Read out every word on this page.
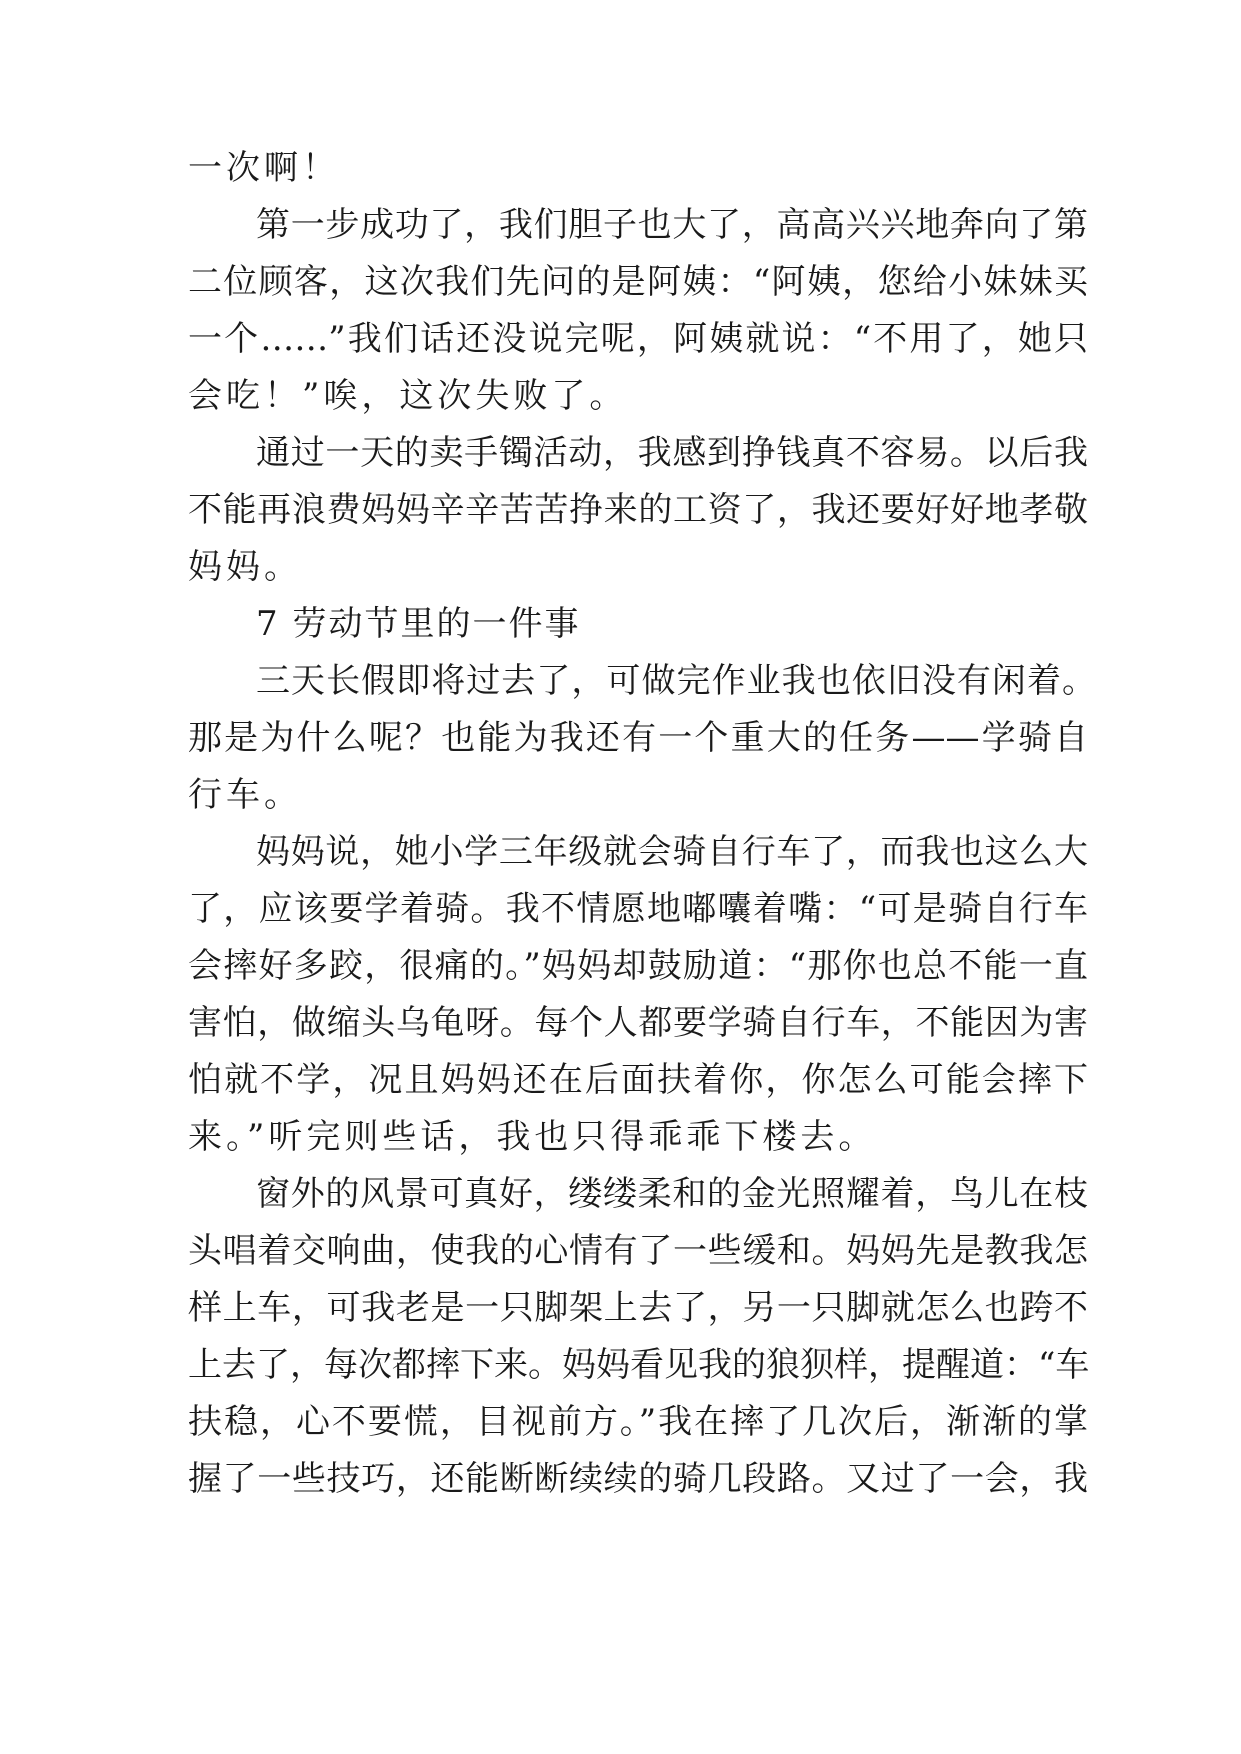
一次啊！
第一步成功了，我们胆子也大了，高高兴兴地奔向了第
二位顾客，这次我们先问的是阿姨：“阿姨，您给小妹妹买
一个……”我们话还没说完呢，阿姨就说：“不用了，她只
会吃！”唉，这次失败了。
通过一天的卖手镯活动，我感到挣钱真不容易。以后我
不能再浪费妈妈辛辛苦苦挣来的工资了，我还要好好地孝敬
妈妈。
7 劳动节里的一件事
三天长假即将过去了，可做完作业我也依旧没有闲着。
那是为什么呢？也能为我还有一个重大的任务——学骑自
行车。
妈妈说，她小学三年级就会骑自行车了，而我也这么大
了，应该要学着骑。我不情愿地嘟囔着嘴：“可是骑自行车
会摔好多跤，很痛的。”妈妈却鼓励道：“那你也总不能一直
害怕，做缩头乌龟呀。每个人都要学骑自行车，不能因为害
怕就不学，况且妈妈还在后面扶着你，你怎么可能会摔下
来。”听完则些话，我也只得乖乖下楼去。
窗外的风景可真好，缕缕柔和的金光照耀着，鸟儿在枝
头唱着交响曲，使我的心情有了一些缓和。妈妈先是教我怎
样上车，可我老是一只脚架上去了，另一只脚就怎么也跨不
上去了，每次都摔下来。妈妈看见我的狼狈样，提醒道：“车
扶稳，心不要慌，目视前方。”我在摔了几次后，渐渐的掌
握了一些技巧，还能断断续续的骑几段路。又过了一会，我
